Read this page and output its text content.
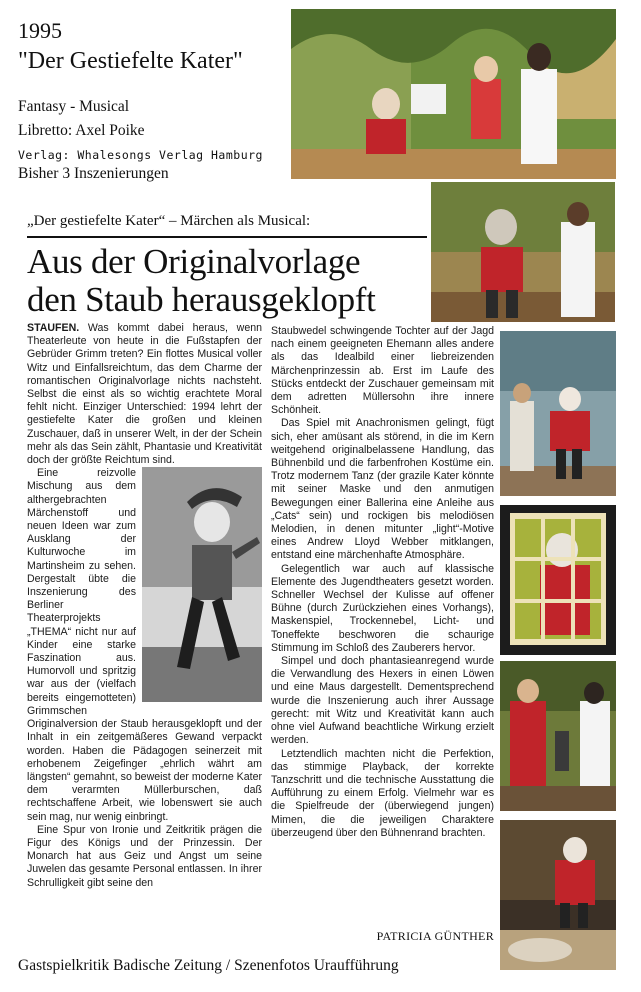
1995
"Der Gestiefelte Kater"
Fantasy - Musical
Libretto: Axel Poike
Verlag: Whalesongs Verlag Hamburg
Bisher 3 Inszenierungen
„Der gestiefelte Kater“ – Märchen als Musical:
Aus der Originalvorlage
den Staub herausgeklopft

STAUFEN. Was kommt dabei heraus, wenn Theaterleute von heute in die Fußstapfen der Gebrüder Grimm treten? Ein flottes Musical voller Witz und Einfallsreichtum, das dem Charme der romantischen Originalvorlage nichts nachsteht. Selbst die einst als so wichtig erachtete Moral fehlt nicht. Einziger Unterschied: 1994 lehrt der gestiefelte Kater die großen und kleinen Zuschauer, daß in unserer Welt, in der der Schein mehr als das Sein zählt, Phantasie und Kreativität doch der größte Reichtum sind.

Eine reizvolle Mischung aus dem althergebrachten Märchenstoff und neuen Ideen war zum Ausklang der Kulturwoche im Martinsheim zu sehen. Dergestalt übte die Inszenierung des Berliner Theaterprojekts „THEMA“ nicht nur auf Kinder eine starke Faszination aus. Humorvoll und spritzig war aus der (vielfach bereits eingemotteten) Grimmschen Originalversion der Staub herausgeklopft und der Inhalt in ein zeitgemäßeres Gewand verpackt worden. Haben die Pädagogen seinerzeit mit erhobenem Zeigefinger „ehrlich währt am längsten“ gemahnt, so beweist der moderne Kater dem verarmten Müllerburschen, daß rechtschaffene Arbeit, wie lobenswert sie auch sein mag, nur wenig einbringt.

Eine Spur von Ironie und Zeitkritik prägen die Figur des Königs und der Prinzessin. Der Monarch hat aus Geiz und Angst um seine Juwelen das gesamte Personal entlassen. In ihrer Schrulligkeit gibt seine den

Staubwedel schwingende Tochter auf der Jagd nach einem geeigneten Ehemann alles andere als das Idealbild einer liebreizenden Märchenprinzessin ab. Erst im Laufe des Stücks entdeckt der Zuschauer gemeinsam mit dem adretten Müllersohn ihre innere Schönheit.

Das Spiel mit Anachronismen gelingt, fügt sich, eher amüsant als störend, in die im Kern weitgehend originalbelassene Handlung, das Bühnenbild und die farbenfrohen Kostüme ein. Trotz modernem Tanz (der grazile Kater könnte mit seiner Maske und den anmutigen Bewegungen einer Ballerina eine Anleihe aus „Cats“ sein) und rockigen bis melodiösen Melodien, in denen mitunter „light“-Motive eines Andrew Lloyd Webber mitklangen, entstand eine märchenhafte Atmosphäre.

Gelegentlich war auch auf klassische Elemente des Jugendtheaters gesetzt worden. Schneller Wechsel der Kulisse auf offener Bühne (durch Zurückziehen eines Vorhangs), Maskenspiel, Trockennebel, Licht- und Toneffekte beschworen die schaurige Stimmung im Schloß des Zauberers hervor.

Simpel und doch phantasieanregend wurde die Verwandlung des Hexers in einen Löwen und eine Maus dargestellt. Dementsprechend wurde die Inszenierung auch ihrer Aussage gerecht: mit Witz und Kreativität kann auch ohne viel Aufwand beachtliche Wirkung erzielt werden.

Letztendlich machten nicht die Perfektion, das stimmige Playback, der korrekte Tanzschritt und die technische Ausstattung die Aufführung zu einem Erfolg. Vielmehr war es die Spielfreude der (überwiegend jungen) Mimen, die die jeweiligen Charaktere überzeugend über den Bühnenrand brachten.

PATRICIA GÜNTHER
Gastspielkritik Badische Zeitung / Szenenfotos Uraufführung
